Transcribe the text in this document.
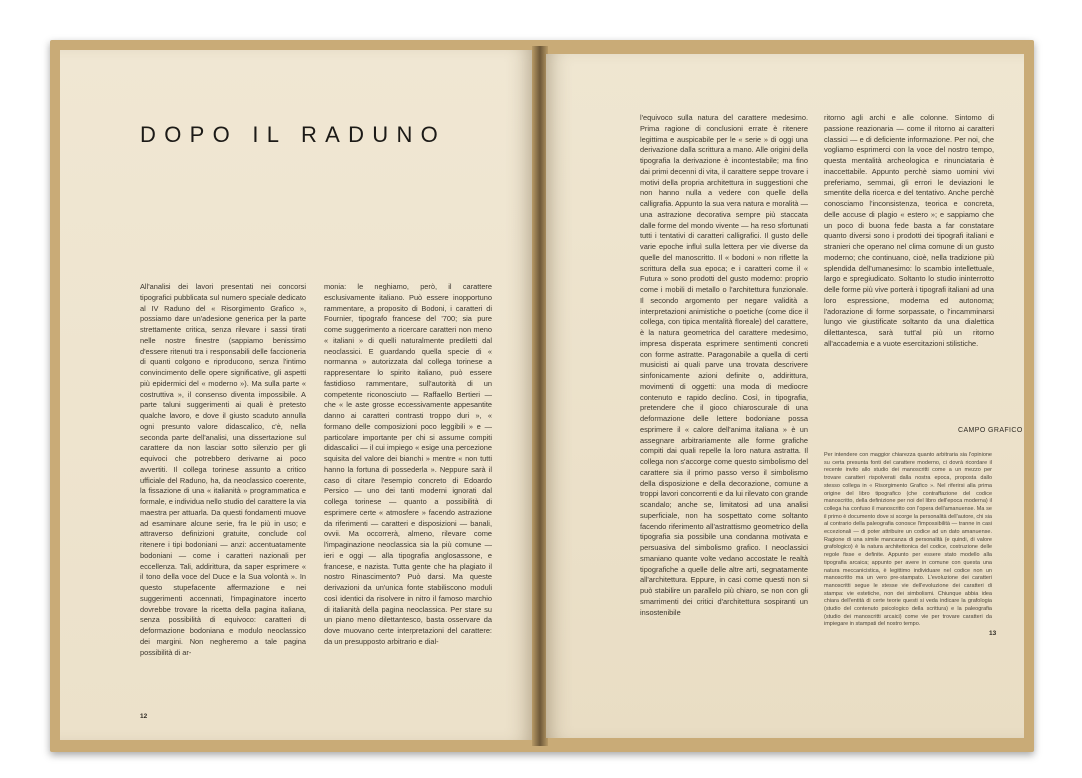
DOPO IL RADUNO

All'analisi dei lavori presentati nei concorsi tipografici pubblicata sul numero speciale dedicato al IV Raduno del « Risorgimento Grafico », possiamo dare un'adesione generica per la parte strettamente critica, senza rilevare i sassi tirati nelle nostre finestre (sappiamo benissimo d'essere ritenuti tra i responsabili delle faccioneria di quanti colgono e riproducono, senza l'intimo convincimento delle opere significative, gli aspetti più epidermici del « moderno »). Ma sulla parte « costruttiva », il consenso diventa impossibile. A parte taluni suggerimenti ai quali è pretesto qualche lavoro, e dove il giusto scaduto annulla ogni presunto valore didascalico, c'è, nella seconda parte dell'analisi, una dissertazione sul carattere da non lasciar sotto silenzio per gli equivoci che potrebbero derivarne ai poco avvertiti. Il collega torinese assunto a critico ufficiale del Raduno, ha, da neoclassico coerente, la fissazione di una « italianità » programmatica e formale, e individua nello studio del carattere la via maestra per attuarla. Da questi fondamenti muove ad esaminare alcune serie, fra le più in uso; e attraverso definizioni gratuite, conclude col ritenere i tipi bodoniani — anzi: accentuatamente bodoniani — come i caratteri nazionali per eccellenza. Tali, addirittura, da saper esprimere « il tono della voce del Duce e la Sua volontà ». In questo stupefacente affermazione e nei suggerimenti accennati, l'impaginatore incerto dovrebbe trovare la ricetta della pagina italiana, senza possibilità di equivoco: caratteri di deformazione bodoniana e modulo neoclassico dei margini. Non negheremo a tale pagina possibilità di ar-

monia: le neghiamo, però, il carattere esclusivamente italiano. Può essere inopportuno rammentare, a proposito di Bodoni, i caratteri di Fournier, tipografo francese del '700; sia pure come suggerimento a ricercare caratteri non meno « italiani » di quelli naturalmente prediletti dal neoclassici. E guardando quella specie di « normanna » autorizzata dal collega torinese a rappresentare lo spirito italiano, può essere fastidioso rammentare, sull'autorità di un competente riconosciuto — Raffaello Bertieri — che « le aste grosse eccessivamente appesantite danno ai caratteri contrasti troppo duri », « formano delle composizioni poco leggibili » e — particolare importante per chi si assume compiti didascalici — il cui impiego « esige una percezione squisita del valore dei bianchi » mentre « non tutti hanno la fortuna di possederla ». Neppure sarà il caso di citare l'esempio concreto di Edoardo Persico — uno dei tanti moderni ignorati dal collega torinese — quanto a possibilità di esprimere certe « atmosfere » facendo astrazione da riferimenti — caratteri e disposizioni — banali, ovvii. Ma occorrerà, almeno, rilevare come l'impaginazione neoclassica sia la più comune — ieri e oggi — alla tipografia anglosassone, e francese, e nazista. Tutta gente che ha plagiato il nostro Rinascimento? Può darsi. Ma queste derivazioni da un'unica fonte stabiliscono moduli così identici da risolvere in nitro il famoso marchio di italianità della pagina neoclassica. Per stare su un piano meno dilettantesco, basta osservare da dove muovano certe interpretazioni del carattere: da un presupposto arbitrario e dial-

12

l'equivoco sulla natura del carattere medesimo. Prima ragione di conclusioni errate è ritenere legittima e auspicabile per le « serie » di oggi una derivazione dalla scrittura a mano. Alle origini della tipografia la derivazione è incontestabile; ma fino dai primi decenni di vita, il carattere seppe trovare i motivi della propria architettura in suggestioni che non hanno nulla a vedere con quelle della calligrafia. Appunto la sua vera natura e moralità — una astrazione decorativa sempre più staccata dalle forme del mondo vivente — ha reso sfortunati tutti i tentativi di caratteri calligrafici. Il gusto delle varie epoche influì sulla lettera per vie diverse da quelle del manoscritto. Il « bodoni » non riflette la scrittura della sua epoca; e i caratteri come il « Futura » sono prodotti del gusto moderno: proprio come i mobili di metallo o l'architettura funzionale. Il secondo argomento per negare validità a interpretazioni animistiche o poetiche (come dice il collega, con tipica mentalità floreale) del carattere, è la natura geometrica del carattere medesimo, impresa disperata esprimere sentimenti concreti con forme astratte. Paragonabile a quella di certi musicisti ai quali parve una trovata descrivere sinfonicamente azioni definite o, addirittura, movimenti di oggetti: una moda di mediocre contenuto e rapido declino. Così, in tipografia, pretendere che il gioco chiaroscurale di una deformazione delle lettere bodoniane possa esprimere il « calore dell'anima italiana » è un assegnare arbitrariamente alle forme grafiche compiti dai quali repelle la loro natura astratta. Il collega non s'accorge come questo simbolismo del carattere sia il primo passo verso il simbolismo della disposizione e della decorazione, comune a troppi lavori concorrenti e da lui rilevato con grande scandalo; anche se, limitatosi ad una analisi superficiale, non ha sospettato come soltanto facendo riferimento all'astrattismo geometrico della tipografia sia possibile una condanna motivata e persuasiva del simbolismo grafico. I neoclassici smaniano quante volte vedano accostate le realtà tipografiche a quelle delle altre arti, segnatamente all'architettura. Eppure, in casi come questi non si può stabilire un parallelo più chiaro, se non con gli smarrimenti dei critici d'architettura sospiranti un insostenibile

ritorno agli archi e alle colonne. Sintomo di passione reazionaria — come il ritorno ai caratteri classici — e di deficiente informazione. Per noi, che vogliamo esprimerci con la voce del nostro tempo, questa mentalità archeologica e rinunciataria è inaccettabile. Appunto perchè siamo uomini vivi preferiamo, semmai, gli errori le deviazioni le smentite della ricerca e del tentativo. Anche perchè conosciamo l'inconsistenza, teorica e concreta, delle accuse di plagio « estero »; e sappiamo che un poco di buona fede basta a far constatare quanto diversi sono i prodotti dei tipografi italiani e stranieri che operano nel clima comune di un gusto moderno; che continuano, cioè, nella tradizione più splendida dell'umanesimo: lo scambio intellettuale, largo e spregiudicato. Soltanto lo studio ininterrotto delle forme più vive porterà i tipografi italiani ad una loro espressione, moderna ed autonoma; l'adorazione di forme sorpassate, o l'incamminarsi lungo vie giustificate soltanto da una dialettica dilettantesca, sarà tutt'al più un ritorno all'accademia e a vuote esercitazioni stilistiche.

CAMPO GRAFICO

Per intendere con maggior chiarezza quanto arbitraria sia l'opinione su certa presunta fonti del carattere moderno, ci dovrà ricordare il recente invito allo studio dei manoscritti come a un mezzo per trovare caratteri rispolverati dalla nostra epoca, proposta dallo stesso collega in « Risorgimento Grafico ». Nel riferirsi alla prima origine del libro tipografico (che contraffazione del codice manoscritto, della definizione per noi del libro dell'epoca moderna) il collega ha confuso il manoscritto con l'opera dell'amanuense. Ma se il primo è documento dove si scorge la personalità dell'autore, chi sia al contrario della paleografia conosce l'impossibilità — tranne in casi eccezionali — di poter attribuire un codice ad un dato amanuense. Ragione di una simile mancanza di personalità (e quindi, di valore grafologico) è la natura architettonica del codice, costruzione delle regole fisse e definite. Appunto per essere stato modello alla tipografia arcaica; appunto per avere in comune con questa una natura meccanicistica, è legittimo individuare nel codice non un manoscritto ma un vero pre-stampato. L'evoluzione dei caratteri manoscritti segue le stesse vie dell'evoluzione dei caratteri di stampa: vie estetiche, non dei simbolismi. Chiunque abbia idea chiara dell'entità di certe teorie questi si veda indicare la grafologia (studio del contenuto psicologico della scrittura) e la paleografia (studio dei manoscritti arcaici) come vie per trovare caratteri da impiegare in stampati del nostro tempo.

13
